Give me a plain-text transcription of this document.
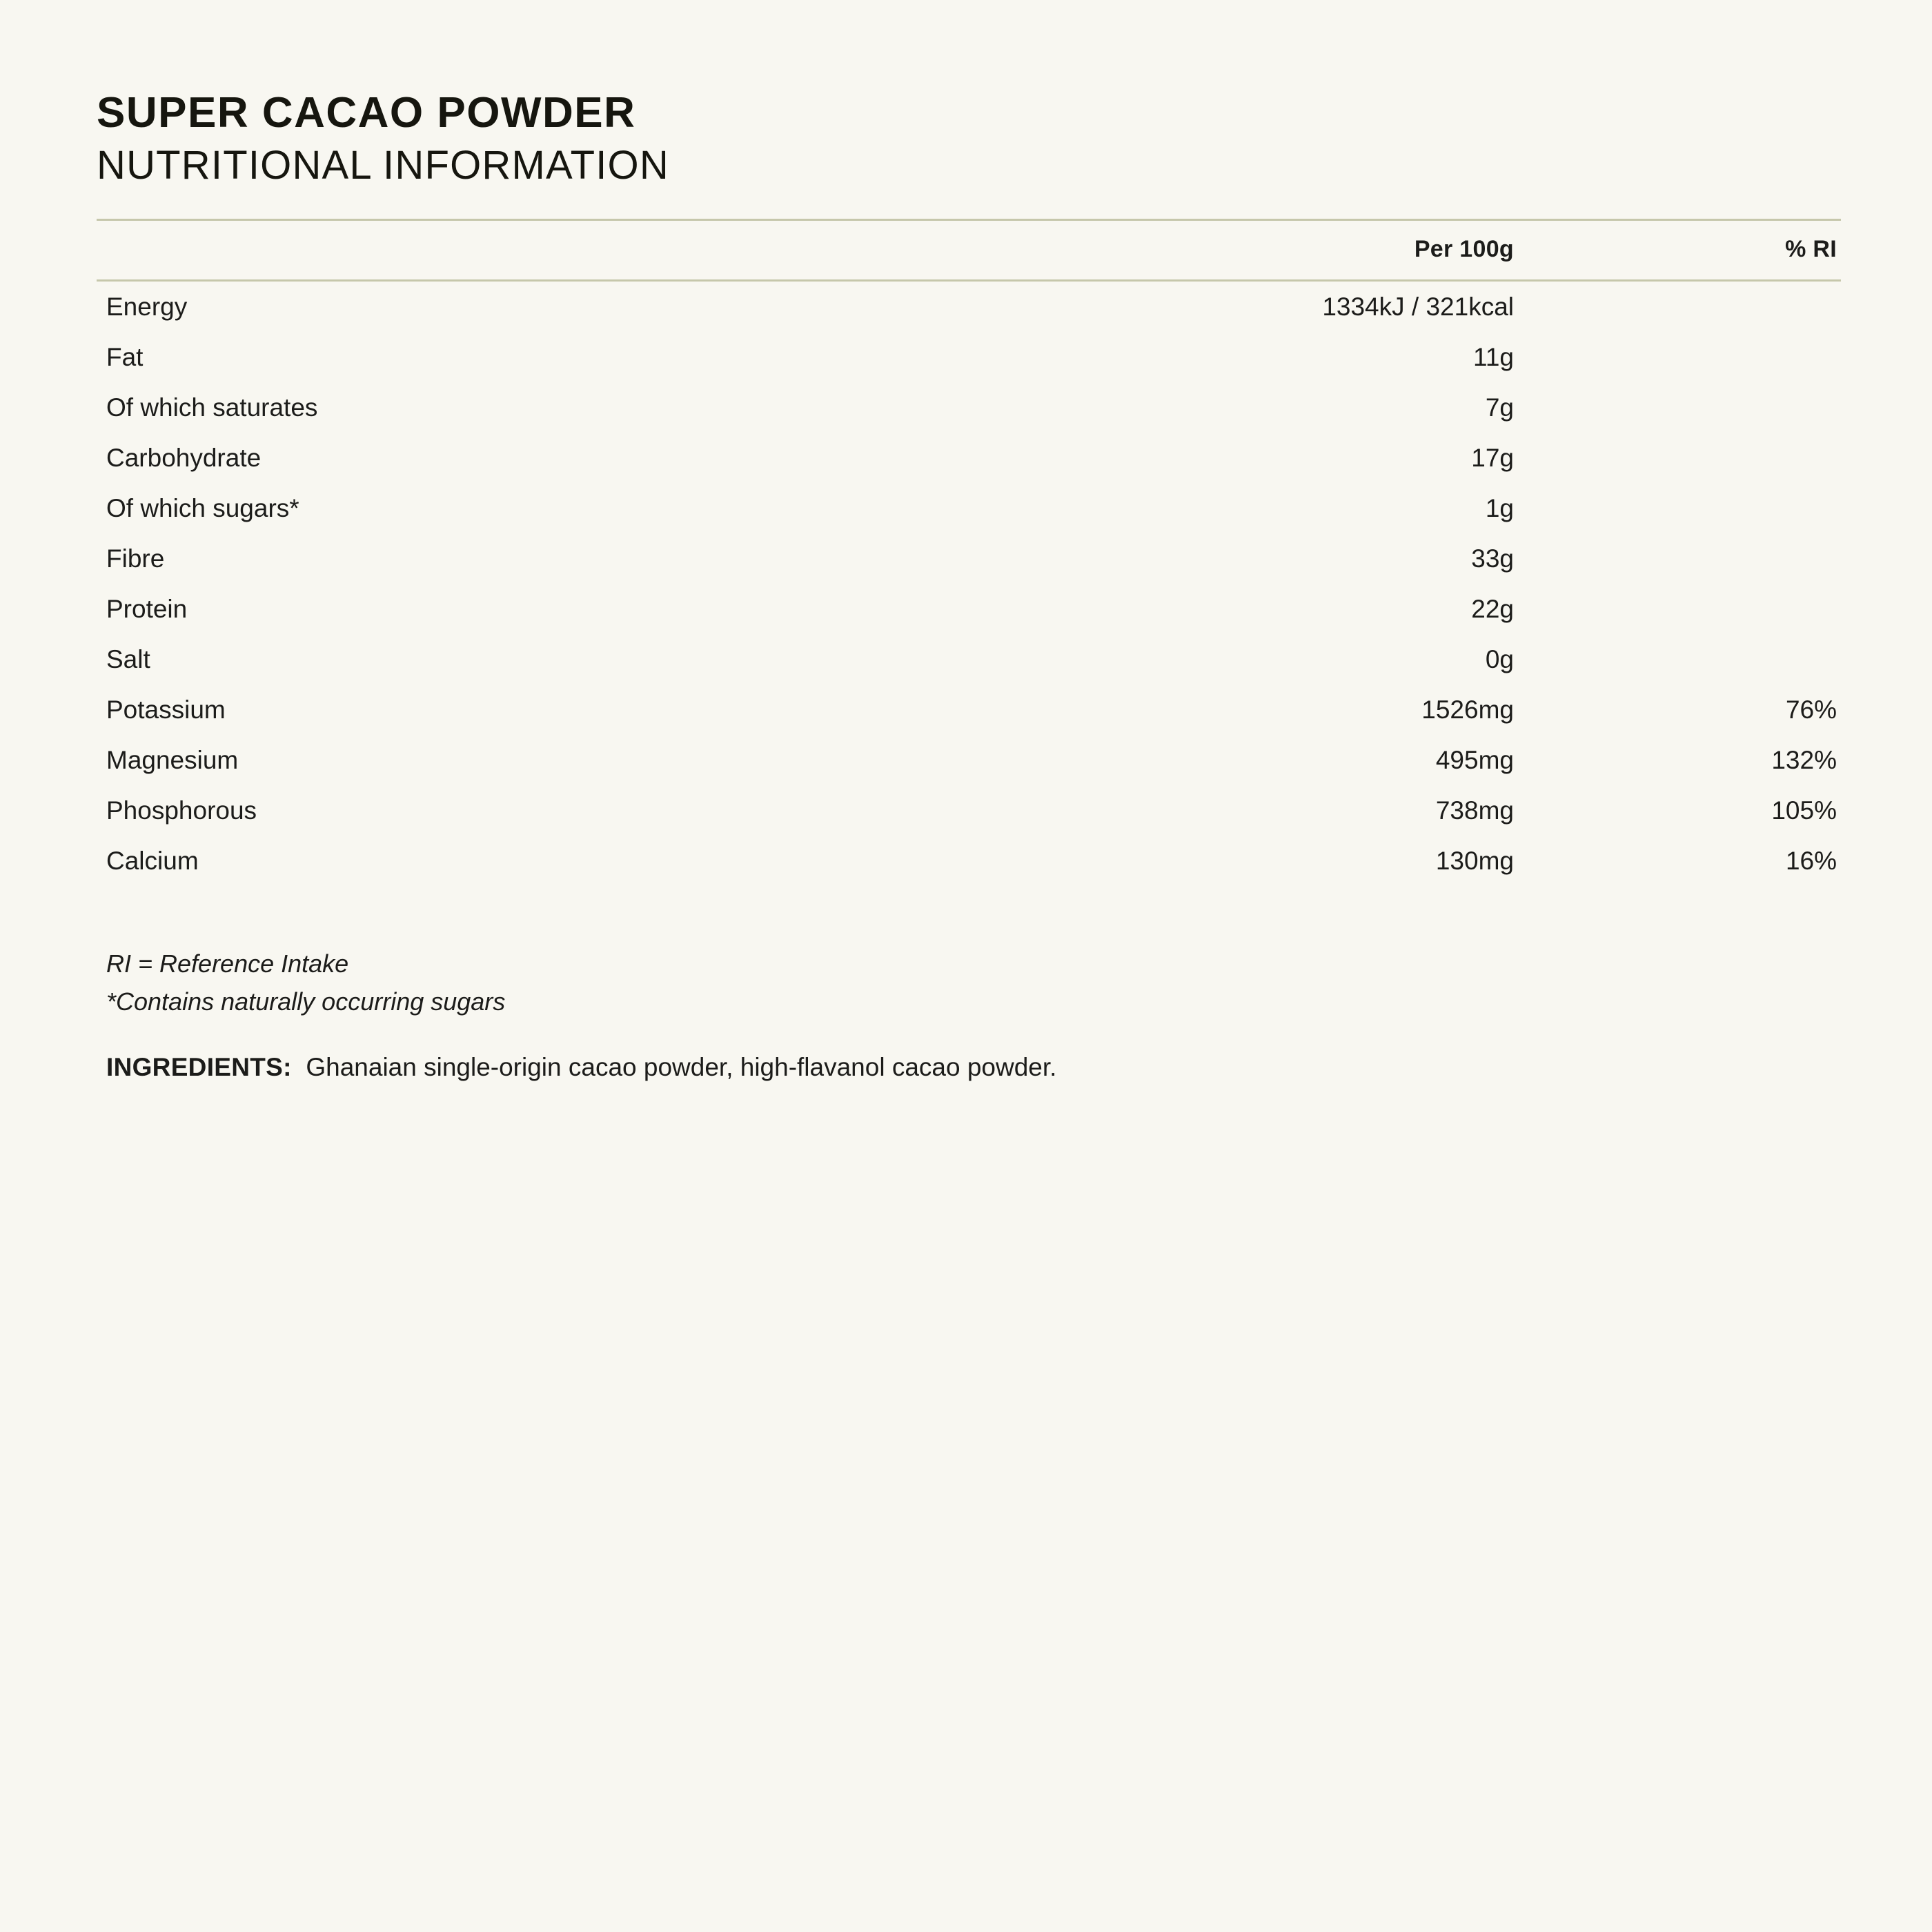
SUPER CACAO POWDER
NUTRITIONAL INFORMATION
	Per 100g	% RI
Energy	1334kJ / 321kcal	
Fat	11g	
Of which saturates	7g	
Carbohydrate	17g	
Of which sugars*	1g	
Fibre	33g	
Protein	22g	
Salt	0g	
Potassium	1526mg	76%
Magnesium	495mg	132%
Phosphorous	738mg	105%
Calcium	130mg	16%
RI = Reference Intake
*Contains naturally occurring sugars
INGREDIENTS: Ghanaian single-origin cacao powder, high-flavanol cacao powder.
